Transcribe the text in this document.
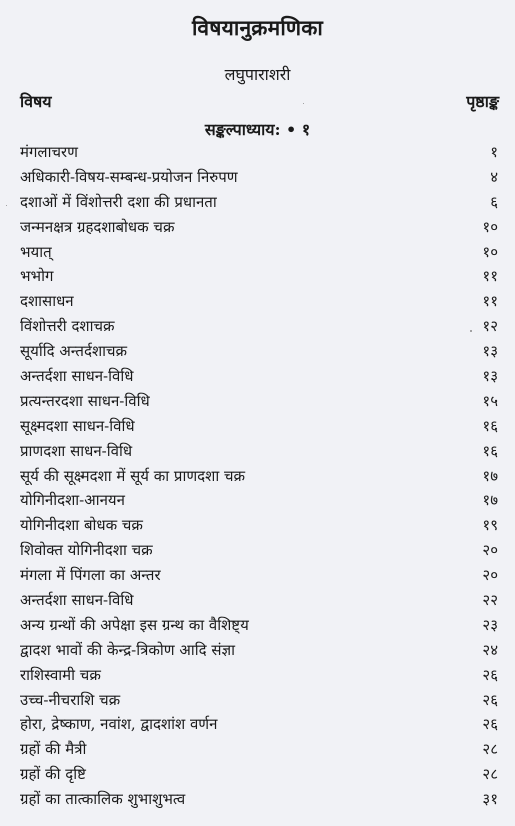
विषयानुक्रमणिका
लघुपाराशरी
विषय	पृष्ठाङ्क
सङ्कल्पाध्याय: • १
मंगलाचरण	१
अधिकारी-विषय-सम्बन्ध-प्रयोजन निरुपण	४
दशाओं में विंशोत्तरी दशा की प्रधानता	६
जन्मनक्षत्र ग्रहदशाबोधक चक्र	१०
भयात्	१०
भभोग	११
दशासाधन	११
विंशोत्तरी दशाचक्र	१२
सूर्यादि अन्तर्दशाचक्र	१३
अन्तर्दशा साधन-विधि	१३
प्रत्यन्तरदशा साधन-विधि	१५
सूक्ष्मदशा साधन-विधि	१६
प्राणदशा साधन-विधि	१६
सूर्य की सूक्ष्मदशा में सूर्य का प्राणदशा चक्र	१७
योगिनीदशा-आनयन	१७
योगिनीदशा बोधक चक्र	१९
शिवोक्त योगिनीदशा चक्र	२०
मंगला में पिंगला का अन्तर	२०
अन्तर्दशा साधन-विधि	२२
अन्य ग्रन्थों की अपेक्षा इस ग्रन्थ का वैशिष्ट्य	२३
द्वादश भावों की केन्द्र-त्रिकोण आदि संज्ञा	२४
राशिस्वामी चक्र	२६
उच्च-नीचराशि चक्र	२६
होरा, द्रेष्काण, नवांश, द्वादशांश वर्णन	२६
ग्रहों की मैत्री	२८
ग्रहों की दृष्टि	२८
ग्रहों का तात्कालिक शुभाशुभत्व	३१
